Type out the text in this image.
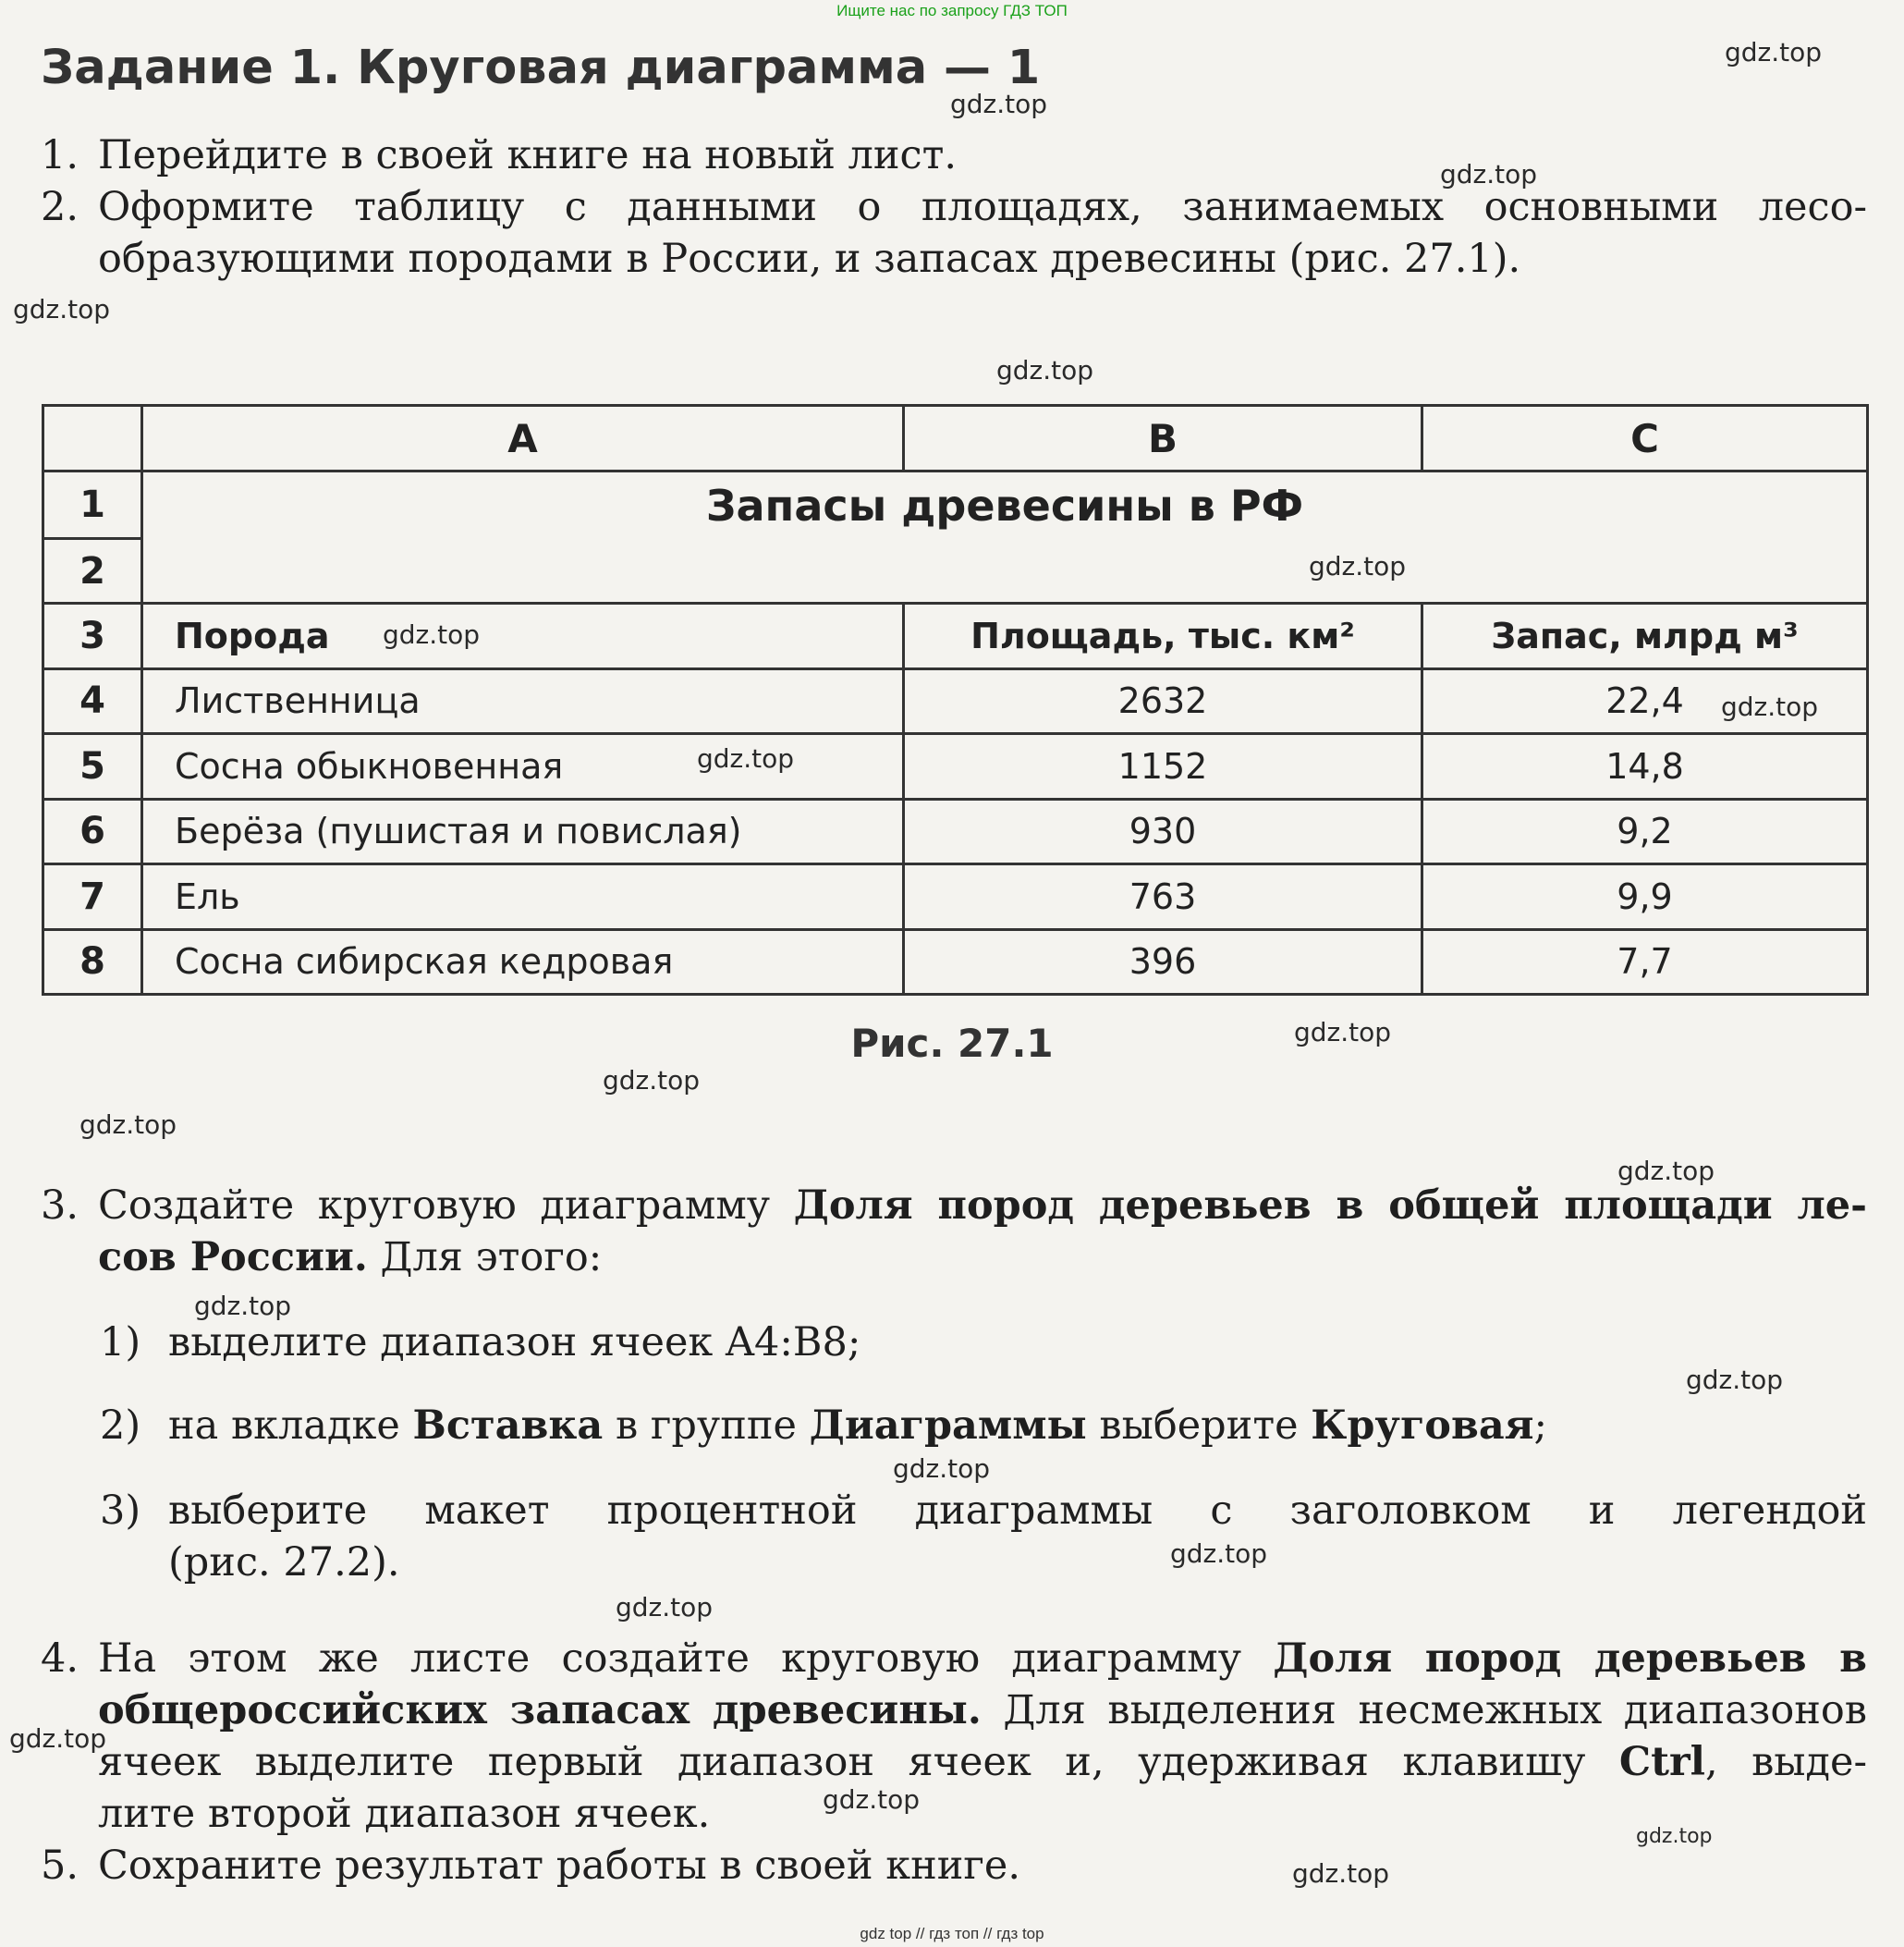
Ищите нас по запросу ГДЗ ТОП
Задание 1. Круговая диаграмма — 1
1. Перейдите в своей книге на новый лист.
2. Оформите таблицу с данными о площадях, занимаемых основными лесо-
образующими породами в России, и запасах древесины (рис. 27.1).
	A	B	C
1	Запасы древесины в РФ		
2			
3	Порода	Площадь, тыс. км²	Запас, млрд м³
4	Лиственница	2632	22,4
5	Сосна обыкновенная	1152	14,8
6	Берёза (пушистая и повислая)	930	9,2
7	Ель	763	9,9
8	Сосна сибирская кедровая	396	7,7
Рис. 27.1
3. Создайте круговую диаграмму Доля пород деревьев в общей площади ле-
сов России. Для этого:
1) выделите диапазон ячеек A4:B8;
2) на вкладке Вставка в группе Диаграммы выберите Круговая;
3) выберите макет процентной диаграммы с заголовком и легендой
(рис. 27.2).
4. На этом же листе создайте круговую диаграмму Доля пород деревьев в
общероссийских запасах древесины. Для выделения несмежных диапазонов
ячеек выделите первый диапазон ячеек и, удерживая клавишу Ctrl, выде-
лите второй диапазон ячеек.
5. Сохраните результат работы в своей книге.
gdz.top
gdz.top
gdz.top
gdz.top
gdz.top
gdz.top
gdz.top
gdz.top
gdz.top
gdz.top
gdz.top
gdz.top
gdz.top
gdz.top
gdz.top
gdz.top
gdz.top
gdz.top
gdz.top
gdz.top
gdz.top
gdz.top
gdz top // гдз топ // гдз top
